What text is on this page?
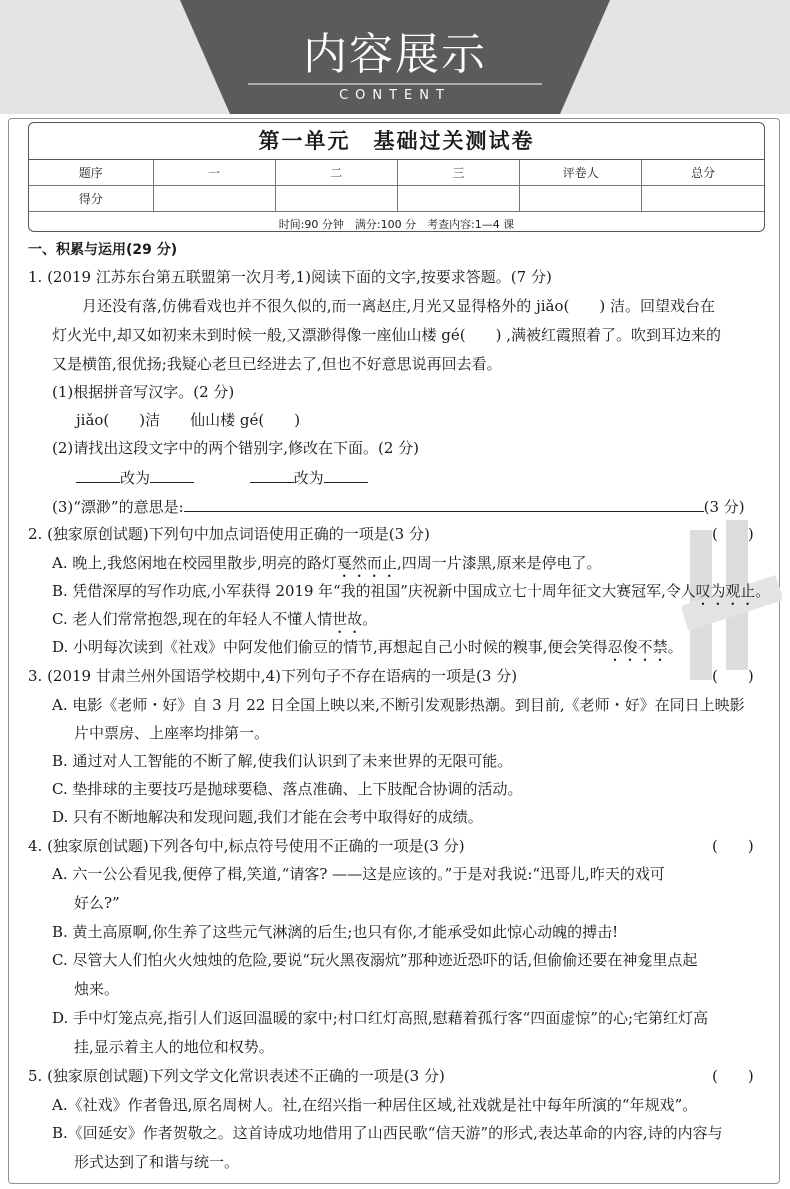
内容展示
CONTENT
第一单元　基础过关测试卷
题序	一	二	三	评卷人	总分
得分					
时间:90 分钟　满分:100 分　考查内容:1—4 课
一、积累与运用(29 分)
1. (2019 江苏东台第五联盟第一次月考,1)阅读下面的文字,按要求答题。(7 分)
月还没有落,仿佛看戏也并不很久似的,而一离赵庄,月光又显得格外的 jiǎo(　　) 洁。回望戏台在
灯火光中,却又如初来未到时候一般,又漂渺得像一座仙山楼 gé(　　) ,满被红霞照着了。吹到耳边来的
又是横笛,很优扬;我疑心老旦已经进去了,但也不好意思说再回去看。
(1)根据拼音写汉字。(2 分)
jiǎo(　　)洁　　仙山楼 gé(　　)
(2)请找出这段文字中的两个错别字,修改在下面。(2 分)
改为	改为
(3)“漂渺”的意思是:	(3 分)
2. (独家原创试题)下列句中加点词语使用正确的一项是(3 分)	(　　)
A. 晚上,我悠闲地在校园里散步,明亮的路灯戛然而止,四周一片漆黑,原来是停电了。
B. 凭借深厚的写作功底,小军获得 2019 年“我的祖国”庆祝新中国成立七十周年征文大赛冠军,令人叹为观止。
C. 老人们常常抱怨,现在的年轻人不懂人情世故。
D. 小明每次读到《社戏》中阿发他们偷豆的情节,再想起自己小时候的糗事,便会笑得忍俊不禁。
3. (2019 甘肃兰州外国语学校期中,4)下列句子不存在语病的一项是(3 分)	(　　)
A. 电影《老师・好》自 3 月 22 日全国上映以来,不断引发观影热潮。到目前,《老师・好》在同日上映影
片中票房、上座率均排第一。
B. 通过对人工智能的不断了解,使我们认识到了未来世界的无限可能。
C. 垫排球的主要技巧是抛球要稳、落点准确、上下肢配合协调的活动。
D. 只有不断地解决和发现问题,我们才能在会考中取得好的成绩。
4. (独家原创试题)下列各句中,标点符号使用不正确的一项是(3 分)	(　　)
A. 六一公公看见我,便停了楫,笑道,“请客? ——这是应该的。”于是对我说:“迅哥儿,昨天的戏可
好么?”
B. 黄土高原啊,你生养了这些元气淋漓的后生;也只有你,才能承受如此惊心动魄的搏击!
C. 尽管大人们怕火火烛烛的危险,要说“玩火黑夜溺炕”那种迹近恐吓的话,但偷偷还要在神龛里点起
烛来。
D. 手中灯笼点亮,指引人们返回温暖的家中;村口红灯高照,慰藉着孤行客“四面虚惊”的心;宅第红灯高
挂,显示着主人的地位和权势。
5. (独家原创试题)下列文学文化常识表述不正确的一项是(3 分)	(　　)
A.《社戏》作者鲁迅,原名周树人。社,在绍兴指一种居住区域,社戏就是社中每年所演的“年规戏”。
B.《回延安》作者贺敬之。这首诗成功地借用了山西民歌“信天游”的形式,表达革命的内容,诗的内容与
形式达到了和谐与统一。
